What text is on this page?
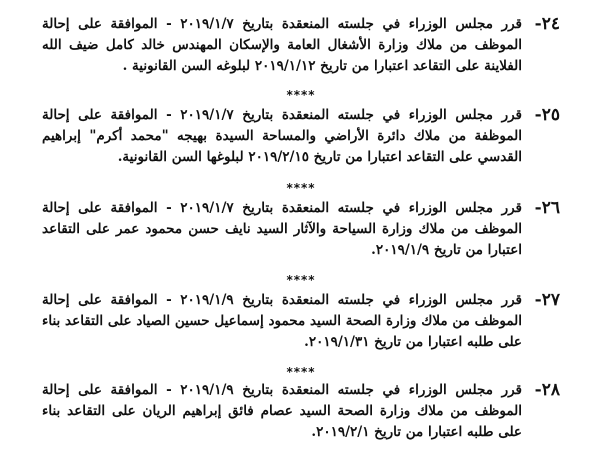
٢٤-

قرر مجلس الوزراء في جلسته المنعقدة بتاريخ ٢٠١٩/١/٧ - الموافقة على إحالة الموظف من ملاك وزارة الأشغال العامة والإسكان المهندس خالد كامل ضيف الله الفلاينة على التقاعد اعتبارا من تاريخ ٢٠١٩/١/١٢ لبلوغه السن القانونية .

****
٢٥-

قرر مجلس الوزراء في جلسته المنعقدة بتاريخ ٢٠١٩/١/٧ - الموافقة على إحالة الموظفة من ملاك دائرة الأراضي والمساحة السيدة بهيجه "محمد أكرم" إبراهيم القدسي على التقاعد اعتبارا من تاريخ ٢٠١٩/٢/١٥ لبلوغها السن القانونية.

****
٢٦-

قرر مجلس الوزراء في جلسته المنعقدة بتاريخ ٢٠١٩/١/٧ - الموافقة على إحالة الموظف من ملاك وزارة السياحة والآثار السيد نايف حسن محمود عمر على التقاعد اعتبارا من تاريخ ٢٠١٩/١/٩.

****
٢٧-

قرر مجلس الوزراء في جلسته المنعقدة بتاريخ ٢٠١٩/١/٩ - الموافقة على إحالة الموظف من ملاك وزارة الصحة السيد محمود إسماعيل حسين الصياد على التقاعد بناء على طلبه اعتبارا من تاريخ ٢٠١٩/١/٣١.

****
٢٨-

قرر مجلس الوزراء في جلسته المنعقدة بتاريخ ٢٠١٩/١/٩ - الموافقة على إحالة الموظف من ملاك وزارة الصحة السيد عصام فائق إبراهيم الريان على التقاعد بناء على طلبه اعتبارا من تاريخ ٢٠١٩/٢/١.
